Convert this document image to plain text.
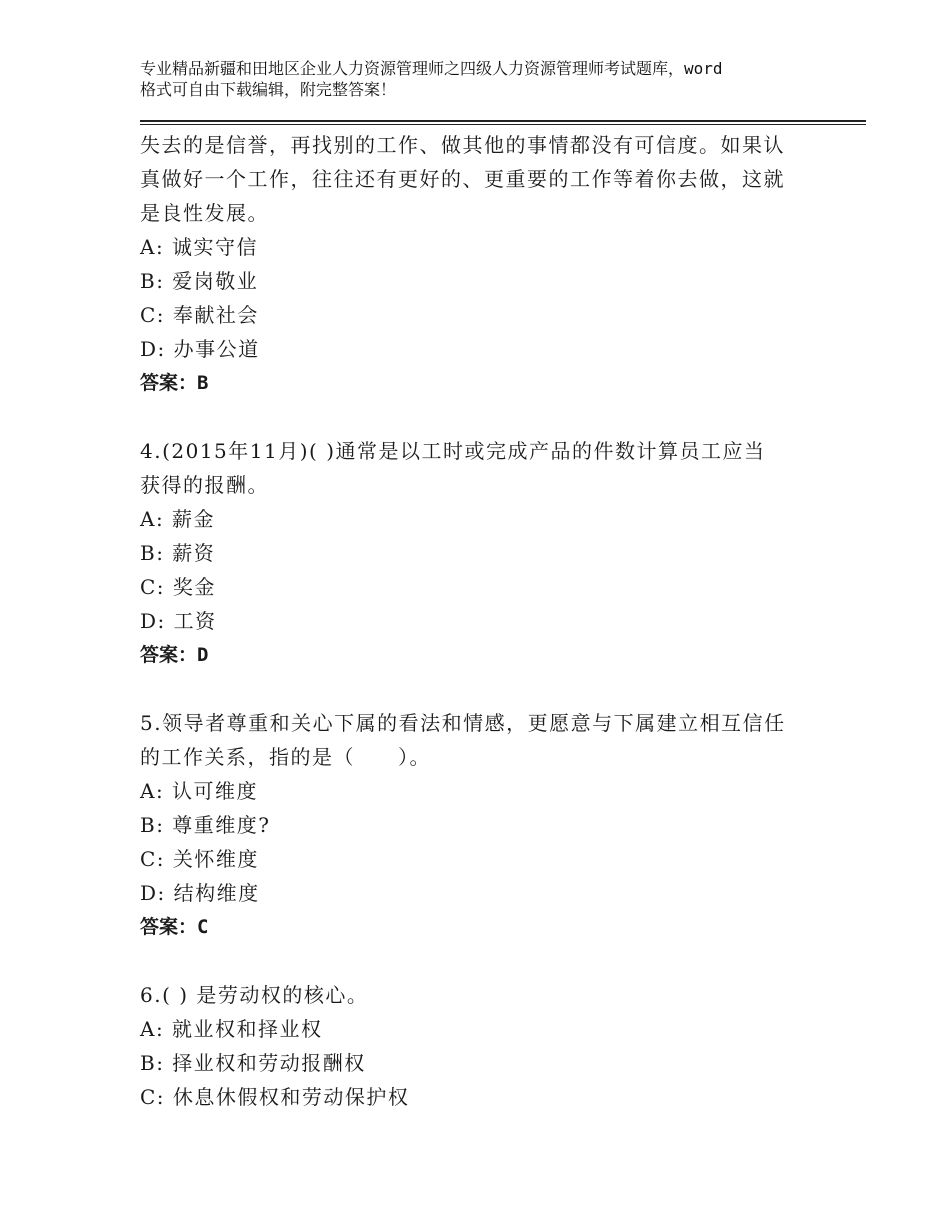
专业精品新疆和田地区企业人力资源管理师之四级人力资源管理师考试题库，word
格式可自由下载编辑，附完整答案！
失去的是信誉，再找别的工作、做其他的事情都没有可信度。如果认
真做好一个工作，往往还有更好的、更重要的工作等着你去做，这就
是良性发展。
A: 诚实守信
B: 爱岗敬业
C: 奉献社会
D: 办事公道
答案：B
4.(2015年11月)( )通常是以工时或完成产品的件数计算员工应当
获得的报酬。
A: 薪金
B: 薪资
C: 奖金
D: 工资
答案：D
5.领导者尊重和关心下属的看法和情感，更愿意与下属建立相互信任
的工作关系，指的是（　　）。
A: 认可维度
B: 尊重维度?
C: 关怀维度
D: 结构维度
答案：C
6.( ) 是劳动权的核心。
A: 就业权和择业权
B: 择业权和劳动报酬权
C: 休息休假权和劳动保护权
